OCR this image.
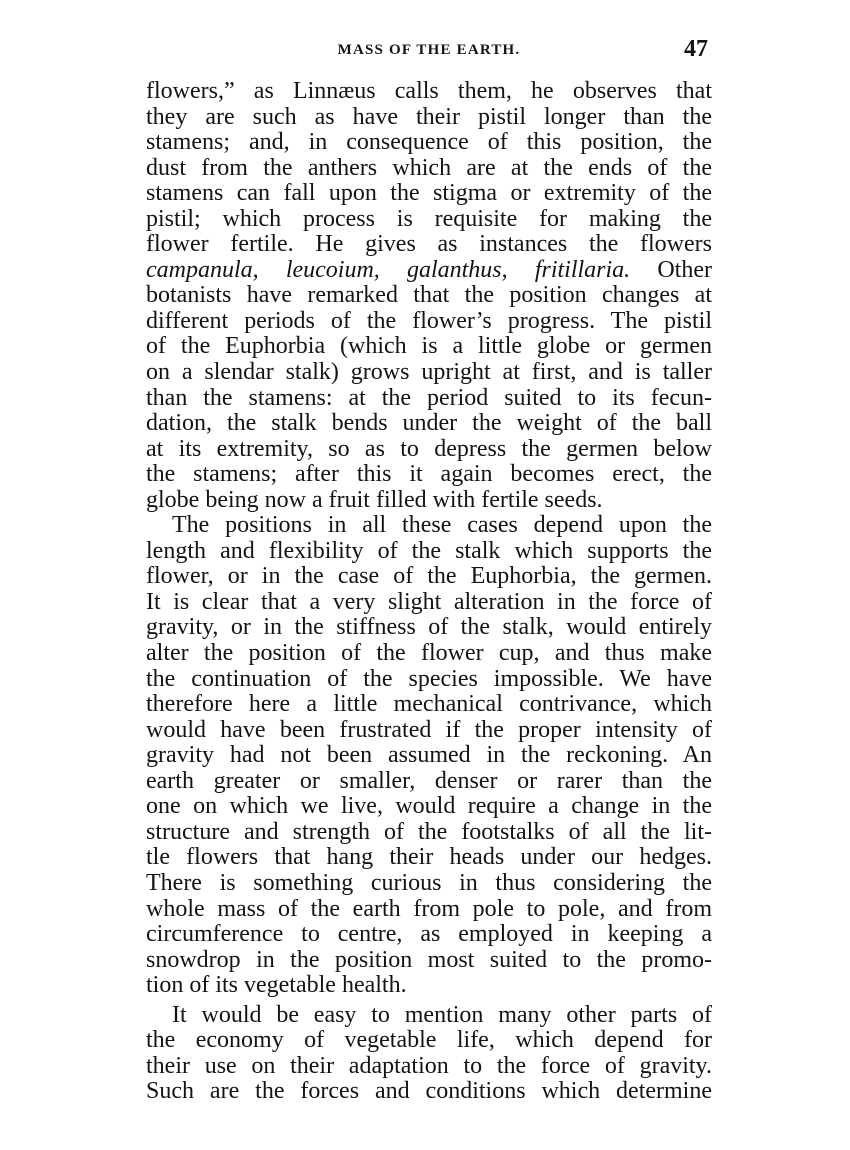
MASS OF THE EARTH.	47
flowers,” as Linnæus calls them, he observes that
they are such as have their pistil longer than the
stamens; and, in consequence of this position, the
dust from the anthers which are at the ends of the
stamens can fall upon the stigma or extremity of the
pistil; which process is requisite for making the
flower fertile. He gives as instances the flowers
campanula, leucoium, galanthus, fritillaria. Other
botanists have remarked that the position changes at
different periods of the flower’s progress. The pistil
of the Euphorbia (which is a little globe or germen
on a slendar stalk) grows upright at first, and is taller
than the stamens: at the period suited to its fecun-
dation, the stalk bends under the weight of the ball
at its extremity, so as to depress the germen below
the stamens; after this it again becomes erect, the
globe being now a fruit filled with fertile seeds.
The positions in all these cases depend upon the
length and flexibility of the stalk which supports the
flower, or in the case of the Euphorbia, the germen.
It is clear that a very slight alteration in the force of
gravity, or in the stiffness of the stalk, would entirely
alter the position of the flower cup, and thus make
the continuation of the species impossible. We have
therefore here a little mechanical contrivance, which
would have been frustrated if the proper intensity of
gravity had not been assumed in the reckoning. An
earth greater or smaller, denser or rarer than the
one on which we live, would require a change in the
structure and strength of the footstalks of all the lit-
tle flowers that hang their heads under our hedges.
There is something curious in thus considering the
whole mass of the earth from pole to pole, and from
circumference to centre, as employed in keeping a
snowdrop in the position most suited to the promo-
tion of its vegetable health.
It would be easy to mention many other parts of
the economy of vegetable life, which depend for
their use on their adaptation to the force of gravity.
Such are the forces and conditions which determine
